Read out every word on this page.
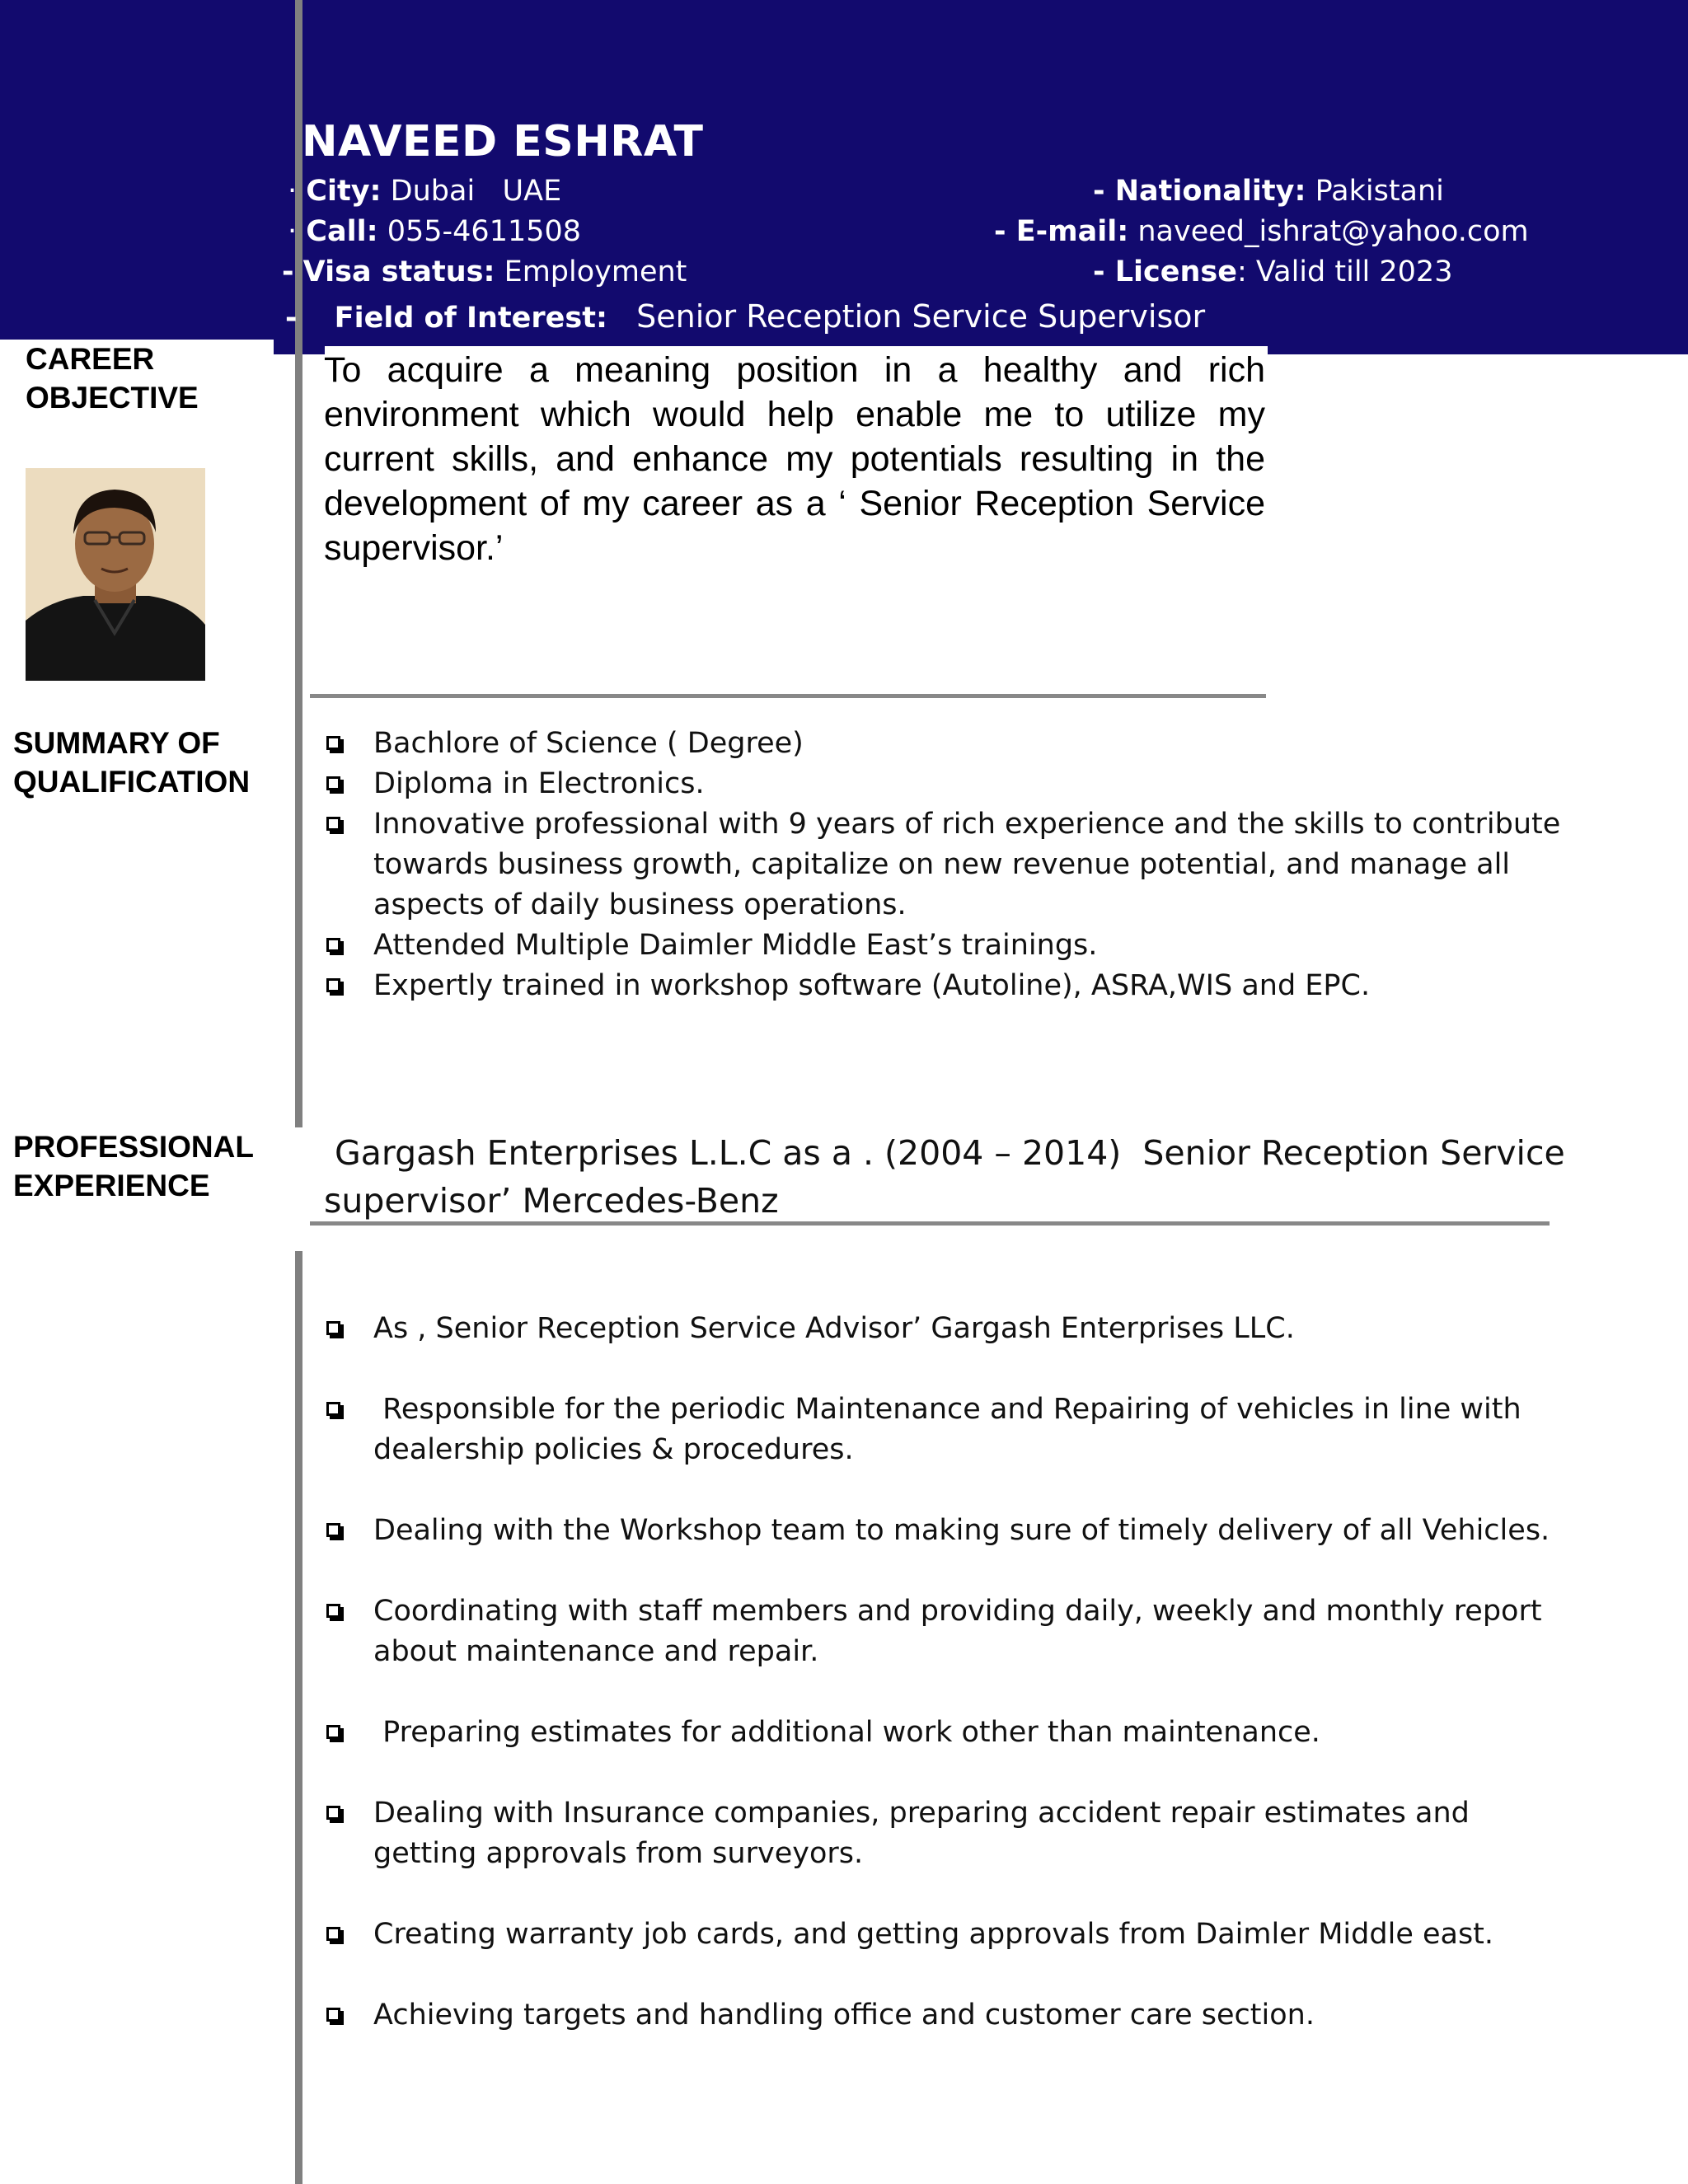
NAVEED ESHRAT
· City: Dubai   UAE	- Nationality: Pakistani
· Call: 055-4611508	- E-mail: naveed_ishrat@yahoo.com
- Visa status: Employment	- License: Valid till 2023
- Field of Interest: Senior Reception Service Supervisor
CAREER
OBJECTIVE
To acquire a meaning position in a healthy and rich environment which would help enable me to utilize my current skills, and enhance my potentials resulting in the development of my career as a ‘ Senior Reception Service supervisor.’
SUMMARY OF
QUALIFICATION
Bachlore of Science ( Degree)
Diploma in Electronics.
Innovative professional with 9 years of rich experience and the skills to contribute towards business growth, capitalize on new revenue potential, and manage all aspects of daily business operations.
Attended Multiple Daimler Middle East’s trainings.
Expertly trained in workshop software (Autoline), ASRA,WIS and EPC.
PROFESSIONAL
EXPERIENCE
Gargash Enterprises L.L.C as a . (2004 – 2014)  Senior Reception Service
supervisor’ Mercedes-Benz
As , Senior Reception Service Advisor’ Gargash Enterprises LLC.
Responsible for the periodic Maintenance and Repairing of vehicles in line with dealership policies & procedures.
Dealing with the Workshop team to making sure of timely delivery of all Vehicles.
Coordinating with staff members and providing daily, weekly and monthly report about maintenance and repair.
Preparing estimates for additional work other than maintenance.
Dealing with Insurance companies, preparing accident repair estimates and getting approvals from surveyors.
Creating warranty job cards, and getting approvals from Daimler Middle east.
Achieving targets and handling office and customer care section.
